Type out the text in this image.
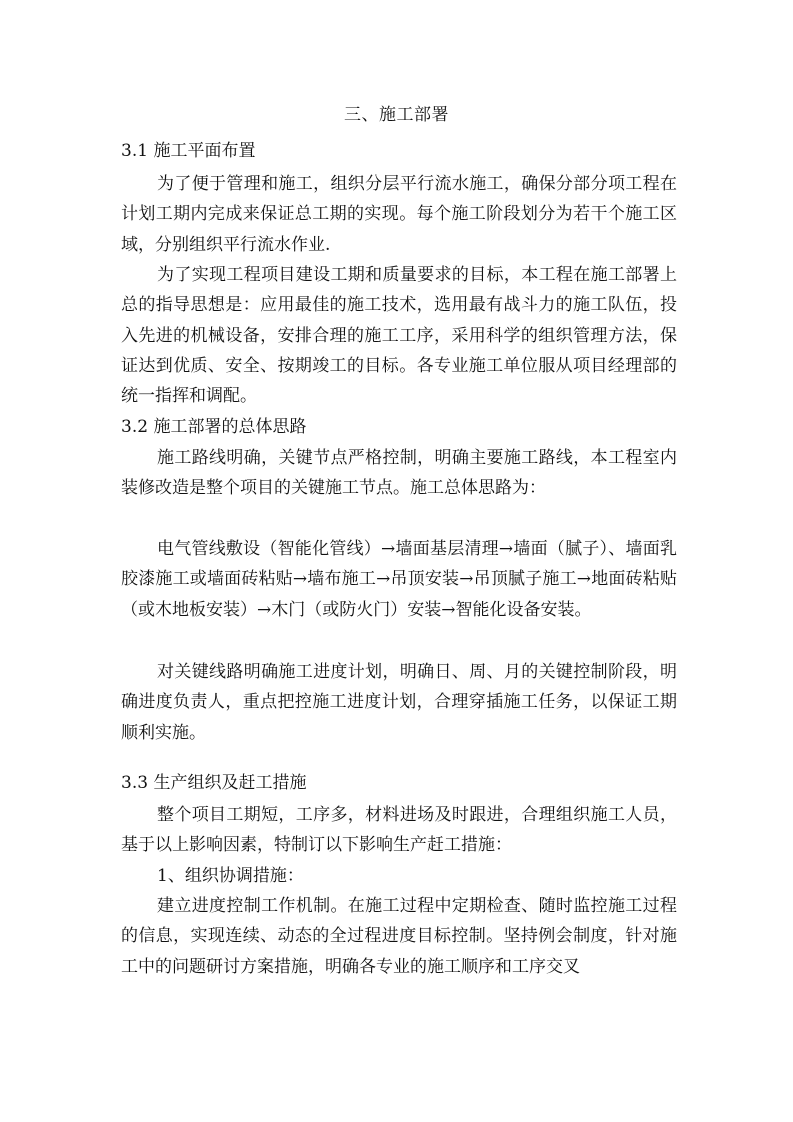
三、施工部署
3.1 施工平面布置
为了便于管理和施工，组织分层平行流水施工，确保分部分项工程在计划工期内完成来保证总工期的实现。每个施工阶段划分为若干个施工区域，分别组织平行流水作业.
为了实现工程项目建设工期和质量要求的目标，本工程在施工部署上总的指导思想是：应用最佳的施工技术，选用最有战斗力的施工队伍，投入先进的机械设备，安排合理的施工工序，采用科学的组织管理方法，保证达到优质、安全、按期竣工的目标。各专业施工单位服从项目经理部的统一指挥和调配。
3.2 施工部署的总体思路
施工路线明确，关键节点严格控制，明确主要施工路线，本工程室内装修改造是整个项目的关键施工节点。施工总体思路为：
电气管线敷设（智能化管线）→墙面基层清理→墙面（腻子）、墙面乳胶漆施工或墙面砖粘贴→墙布施工→吊顶安装→吊顶腻子施工→地面砖粘贴（或木地板安装）→木门（或防火门）安装→智能化设备安装。
对关键线路明确施工进度计划，明确日、周、月的关键控制阶段，明确进度负责人，重点把控施工进度计划，合理穿插施工任务，以保证工期顺利实施。
3.3 生产组织及赶工措施
整个项目工期短，工序多，材料进场及时跟进，合理组织施工人员，基于以上影响因素，特制订以下影响生产赶工措施：
1、组织协调措施：
建立进度控制工作机制。在施工过程中定期检查、随时监控施工过程的信息，实现连续、动态的全过程进度目标控制。坚持例会制度，针对施工中的问题研讨方案措施，明确各专业的施工顺序和工序交叉
